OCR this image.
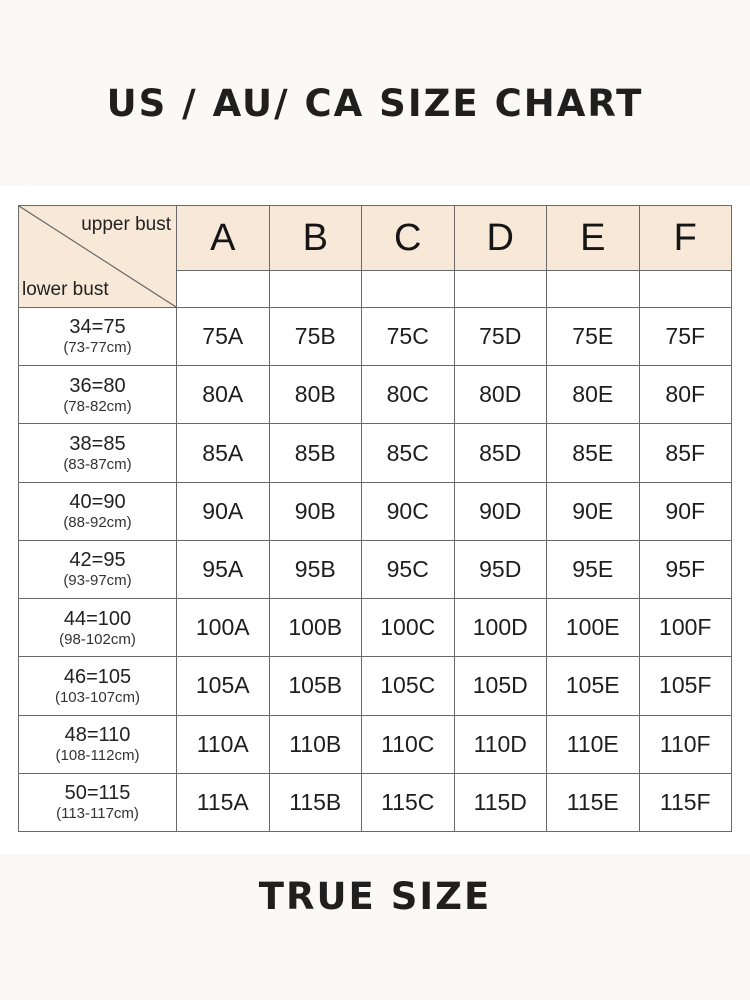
US / AU/ CA SIZE CHART
upper bust
lower bust	A	B	C	D	E	F

34=75
(73-77cm)	75A	75B	75C	75D	75E	75F

36=80
(78-82cm)	80A	80B	80C	80D	80E	80F

38=85
(83-87cm)	85A	85B	85C	85D	85E	85F

40=90
(88-92cm)	90A	90B	90C	90D	90E	90F

42=95
(93-97cm)	95A	95B	95C	95D	95E	95F

44=100
(98-102cm)	100A	100B	100C	100D	100E	100F

46=105
(103-107cm)	105A	105B	105C	105D	105E	105F

48=110
(108-112cm)	110A	110B	110C	110D	110E	110F

50=115
(113-117cm)	115A	115B	115C	115D	115E	115F
TRUE SIZE
